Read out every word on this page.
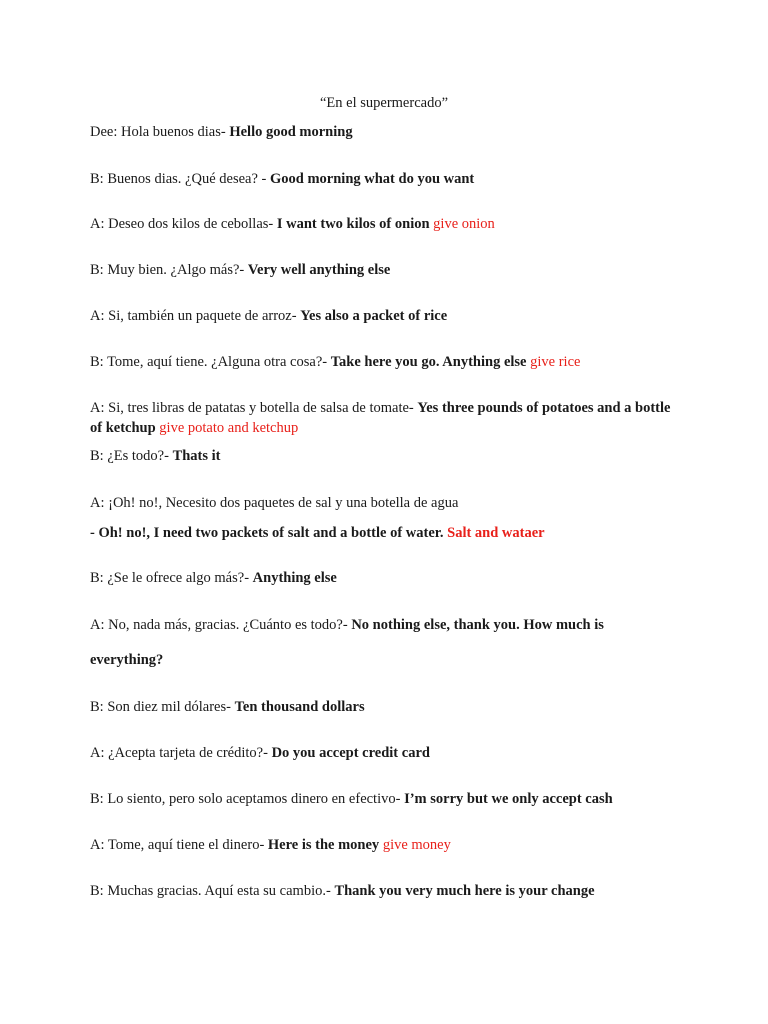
“En el supermercado”
Dee: Hola buenos dias- Hello good morning
B: Buenos dias. ¿Qué desea? - Good morning what do you want
A: Deseo dos kilos de cebollas- I want two kilos of onion give onion
B: Muy bien. ¿Algo más?- Very well anything else
A: Si, también un paquete de arroz- Yes also a packet of rice
B: Tome, aquí tiene. ¿Alguna otra cosa?- Take here you go. Anything else give rice
A: Si, tres libras de patatas y botella de salsa de tomate- Yes three pounds of potatoes and a bottle of ketchup give potato and ketchup
B: ¿Es todo?- Thats it
A: ¡Oh! no!, Necesito dos paquetes de sal y una botella de agua
- Oh! no!, I need two packets of salt and a bottle of water. Salt and wataer
B: ¿Se le ofrece algo más?- Anything else
A: No, nada más, gracias. ¿Cuánto es todo?- No nothing else, thank you. How much is
everything?
B: Son diez mil dólares- Ten thousand dollars
A: ¿Acepta tarjeta de crédito?- Do you accept credit card
B: Lo siento, pero solo aceptamos dinero en efectivo- I’m sorry but we only accept cash
A: Tome, aquí tiene el dinero- Here is the money give money
B: Muchas gracias. Aquí esta su cambio.- Thank you very much here is your change
